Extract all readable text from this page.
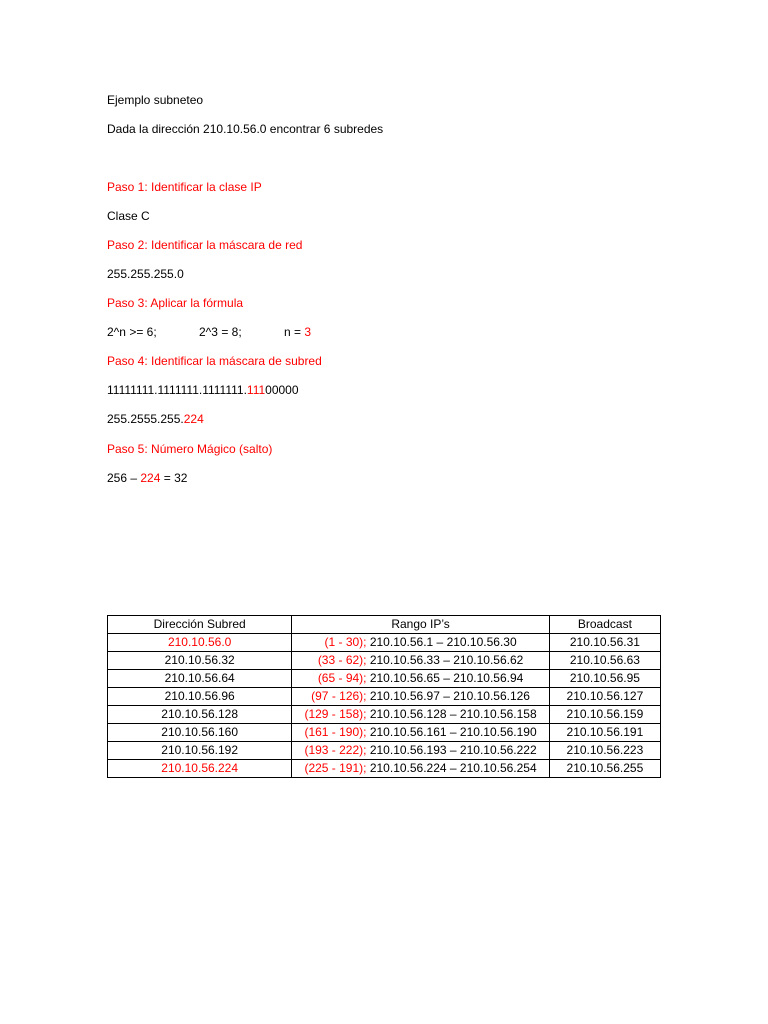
Ejemplo subneteo
Dada la dirección 210.10.56.0 encontrar 6 subredes
Paso 1: Identificar la clase IP
Clase C
Paso 2: Identificar la máscara de red
255.255.255.0
Paso 3: Aplicar la fórmula
2^n >= 6;	2^3 = 8;	n = 3
Paso 4: Identificar la máscara de subred
11111111.1111111.1111111.11100000
255.2555.255.224
Paso 5: Número Mágico (salto)
256 – 224 = 32
Dirección Subred	Rango IP’s	Broadcast
210.10.56.0	(1 - 30); 210.10.56.1 – 210.10.56.30	210.10.56.31
210.10.56.32	(33 - 62); 210.10.56.33 – 210.10.56.62	210.10.56.63
210.10.56.64	(65 - 94); 210.10.56.65 – 210.10.56.94	210.10.56.95
210.10.56.96	(97 - 126); 210.10.56.97 – 210.10.56.126	210.10.56.127
210.10.56.128	(129 - 158); 210.10.56.128 – 210.10.56.158	210.10.56.159
210.10.56.160	(161 - 190); 210.10.56.161 – 210.10.56.190	210.10.56.191
210.10.56.192	(193 - 222); 210.10.56.193 – 210.10.56.222	210.10.56.223
210.10.56.224	(225 - 191); 210.10.56.224 – 210.10.56.254	210.10.56.255
